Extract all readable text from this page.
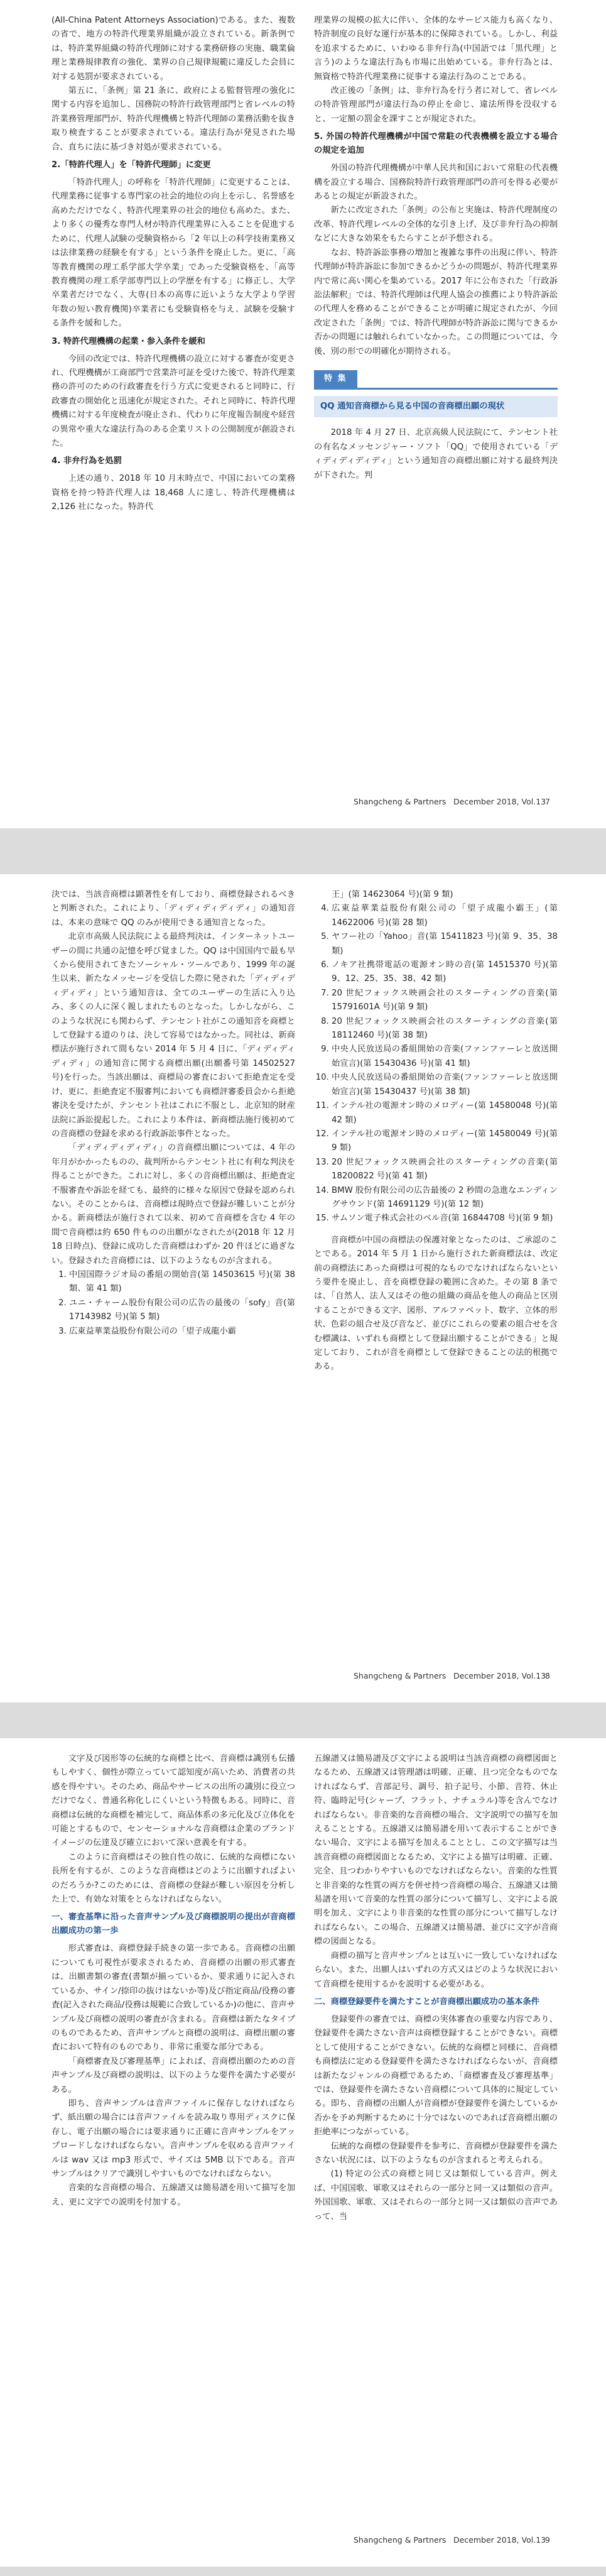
(All-China Patent Attorneys Association)である。また、複数の省で、地方の特許代理業界組織が設立されている。新条例では、特許業界組織の特許代理師に対する業務研修の実施、職業倫理と業務規律教育の強化、業界の自己規律規範に違反した会員に対する処罰が要求されている。

第五に、「条例」第 21 条に、政府による監督管理の強化に関する内容を追加し、国務院の特許行政管理部門と省レベルの特許業務管理部門が、特許代理機構と特許代理師の業務活動を抜き取り検査することが要求されている。違法行為が発見された場合、直ちに法に基づき対処が要求されている。

2.「特許代理人」を「特許代理師」に変更

「特許代理人」の呼称を「特許代理師」に変更することは、代理業務に従事する専門家の社会的地位の向上を示し、名誉感を高めただけでなく、特許代理業界の社会的地位も高めた。また、より多くの優秀な専門人材が特許代理業界に入ることを促進するために、代理人試験の受験資格から「2 年以上の科学技術業務又は法律業務の経験を有する」という条件を廃止した。更に、「高等教育機関の理工系学部大学卒業」であった受験資格を、「高等教育機関の理工系学部専門以上の学歴を有する」に修正し、大学卒業者だけでなく、大専(日本の高専に近いような大学より学習年数の短い教育機関)卒業者にも受験資格を与え、試験を受験する条件を緩和した。

3. 特許代理機構の起業・参入条件を緩和

今回の改定では、特許代理機構の設立に対する審査が変更され、代理機構が工商部門で営業許可証を受けた後で、特許代理業務の許可のための行政審査を行う方式に変更されると同時に、行政審査の開始化と迅速化が規定された。それと同時に、特許代理機構に対する年度検査が廃止され、代わりに年度報告制度や経営の異常や重大な違法行為のある企業リストの公開制度が創設された。

4. 非弁行為を処罰

上述の通り、2018 年 10 月末時点で、中国においての業務資格を持つ特許代理人は 18,468 人に達し、特許代理機構は 2,126 社になった。特許代

理業界の規模の拡大に伴い、全体的なサービス能力も高くなり、特許制度の良好な運行が基本的に保障されている。しかし、利益を追求するために、いわゆる非弁行為(中国語では「黒代理」と言う)のような違法行為も市場に出始めている。非弁行為とは、無資格で特許代理業務に従事する違法行為のことである。

改正後の「条例」は、非弁行為を行う者に対して、省レベルの特許管理部門が違法行為の停止を命じ、違法所得を没収すると、一定額の罰金を課すことが規定された。

5. 外国の特許代理機構が中国で常駐の代表機構を設立する場合の規定を追加

外国の特許代理機構が中華人民共和国において常駐の代表機構を設立する場合、国務院特許行政管理部門の許可を得る必要があるとの規定が新設された。

新たに改定された「条例」の公布と実施は、特許代理制度の改革、特許代理レベルの全体的な引き上げ、及び非弁行為の抑制などに大きな効果をもたらすことが予想される。

なお、特許訴訟事務の増加と複雑な事件の出現に伴い、特許代理師が特許訴訟に参加できるかどうかの問題が、特許代理業界内で常に高い関心を集めている。2017 年に公布された「行政訴訟法解釈」では、特許代理師は代理人協会の推薦により特許訴訟の代理人を務めることができることが明確に規定されたが、今回改定された「条例」では、特許代理師が特許訴訟に関与できるか否かの問題には触れられていなかった。この問題については、今後、別の形での明確化が期待される。

特 集
QQ 通知音商標から見る中国の音商標出願の現状

2018 年 4 月 27 日、北京高級人民法院にて、テンセント社の有名なメッセンジャー・ソフト「QQ」で使用されている「ディディディディディ」という通知音の商標出願に対する最終判決が下された。判

Shangcheng & Partners December 2018, Vol.13
7

決では、当該音商標は顕著性を有しており、商標登録されるべきと判断された。これにより、「ディディディディディ」の通知音は、本来の意味で QQ のみが使用できる通知音となった。

北京市高級人民法院による最終判決は、インターネットユーザーの間に共通の記憶を呼び覚ました。QQ は中国国内で最も早くから使用されてきたソーシャル・ツールであり、1999 年の誕生以来、新たなメッセージを受信した際に発された「ディディディディディ」という通知音は、全てのユーザーの生活に入り込み、多くの人に深く親しまれたものとなった。しかしながら、このような状況にも関わらず、テンセント社がこの通知音を商標として登録する道のりは、決して容易ではなかった。同社は、新商標法が施行されて間もない 2014 年 5 月 4 日に、「ディディディディディ」の通知音に関する商標出願(出願番号第 14502527 号)を行った。当該出願は、商標局の審査において拒絶査定を受け、更に、拒絶査定不服審判においても商標評審委員会から拒絶審決を受けたが、テンセント社はこれに不服とし、北京知的財産法院に訴訟提起した。これにより本件は、新商標法施行後初めての音商標の登録を求める行政訴訟事件となった。

「ディディディディディ」の音商標出願については、4 年の年月がかかったものの、裁判所からテンセント社に有利な判決を得ることができた。これに対し、多くの音商標出願は、拒絶査定不服審査や訴訟を経ても、最終的に様々な原因で登録を認められない。そのことからは、音商標は現時点で登録が難しいことが分かる。新商標法が施行されて以来、初めて音商標を含む 4 年の間で音商標は約 650 件ものの出願がなされたが(2018 年 12 月 18 日時点)、登録に成功した音商標はわずか 20 件ほどに過ぎない。登録された音商標には、以下のようなものが含まれる。

1. 中国国際ラジオ局の番組の開始音(第 14503615 号)(第 38 類、第 41 類)
2. ユニ・チャーム股份有限公司の広告の最後の「sofy」音(第 17143982 号)(第 5 類)
3. 広東益華業益股份有限公司の「望子成龍小霸
王」(第 14623064 号)(第 9 類)
4. 広東益華業益股份有限公司の「望子成龍小霸王」(第 14622006 号)(第 28 類)
5. ヤフー社の「Yahoo」音(第 15411823 号)(第 9、35、38 類)
6. ノキア社携帯電話の電源オン時の音(第 14515370 号)(第 9、12、25、35、38、42 類)
7. 20 世紀フォックス映画会社のスターティングの音楽(第 15791601A 号)(第 9 類)
8. 20 世紀フォックス映画会社のスターティングの音楽(第 18112460 号)(第 38 類)
9. 中央人民放送局の番組開始の音楽(ファンファーレと放送開始宣言)(第 15430436 号)(第 41 類)
10. 中央人民放送局の番組開始の音楽(ファンファーレと放送開始宣言)(第 15430437 号)(第 38 類)
11. インテル社の電源オン時のメロディー(第 14580048 号)(第 42 類)
12. インテル社の電源オン時のメロディー(第 14580049 号)(第 9 類)
13. 20 世紀フォックス映画会社のスターティングの音楽(第 18200822 号)(第 41 類)
14. BMW 股份有限公司の広告最後の 2 秒間の急進なエンディングサウンド(第 14691129 号)(第 12 類)
15. サムソン電子株式会社のベル音(第 16844708 号)(第 9 類)

音商標が中国の商標法の保護対象となったのは、ご承認のことである。2014 年 5 月 1 日から施行された新商標法は、改定前の商標法にあった商標は可視的なものでなければならないという要件を廃止し、音を商標登録の範囲に含めた。その第 8 条では、「自然人、法人又はその他の組織の商品を他人の商品と区別することができる文字、図形、アルファベット、数字、立体的形状、色彩の組合せ及び音など、並びにこれらの要素の組合せを含む標識は、いずれも商標として登録出願することができる」と規定しており、これが音を商標として登録できることの法的根拠である。

Shangcheng & Partners December 2018, Vol.13
8

文字及び図形等の伝統的な商標と比べ、音商標は識別も伝播もしやすく、個性が際立っていて認知度が高いため、消費者の共感を得やすい。そのため、商品やサービスの出所の識別に役立つだけでなく、普通名称化しにくいという特徴もある。同時に、音商標は伝統的な商標を補完して、商品体系の多元化及び立体化を可能とするもので、センセーショナルな音商標は企業のブランドイメージの伝達及び確立において深い意義を有する。

このように音商標はその独自性の故に、伝統的な商標にない長所を有するが、このような音商標はどのように出願すればよいのだろうか?このためには、音商標の登録が難しい原因を分析した上で、有効な対策をとらなければならない。

一、審査基準に沿った音声サンプル及び商標説明の提出が音商標出願成功の第一歩

形式審査は、商標登録手続きの第一歩である。音商標の出願についても可視性が要求されるため、音商標の出願の形式審査は、出願書類の審査(書類が揃っているか、要求通りに記入されているか、サイン/捺印の抜けはないか等)及び指定商品/役務の審査(記入された商品/役務は規範に合致しているか)の他に、音声サンプル及び商標の説明の審査が含まれる。音商標は新たなタイプのものであるため、音声サンプルと商標の説明は、商標出願の審査において特有のものであり、非常に重要な部分である。

「商標審査及び審理基準」によれば、音商標出願のための音声サンプル及び商標の説明は、以下のような要件を満たす必要がある。

即ち、音声サンプルは音声ファイルに保存しなければならず、紙出願の場合には音声ファイルを読み取り専用ディスクに保存し、電子出願の場合には要求通りに正確に音声サンプルをアップロードしなければならない。音声サンプルを収める音声ファイルは wav 又は mp3 形式で、サイズは 5MB 以下である。音声サンプルはクリアで識別しやすいものでなければならない。

音楽的な音商標の場合、五線譜又は簡易譜を用いて描写を加え、更に文字での説明を付加する。

五線譜又は簡易譜及び文字による説明は当該音商標の商標図面となるため、五線譜又は管理譜は明確、正確、且つ完全なものでなければならず、音部記号、調号、拍子記号、小節、音符、休止符、臨時記号(シャープ、フラット、ナチュラル)等を含んでなければならない。非音楽的な音商標の場合、文字説明での描写を加えることとする。五線譜又は簡易譜を用いて表示することができない場合、文字による描写を加えることとし、この文字描写は当該音商標の商標図面となるため、文字による描写は明確、正確、完全、且つわかりやすいものでなければならない。音楽的な性質と非音楽的な性質の両方を併せ持つ音商標の場合、五線譜又は簡易譜を用いて音楽的な性質の部分について描写し、文字による説明を加え、文字により非音楽的な性質の部分について描写しなければならない。この場合、五線譜又は簡易譜、並びに文字が音商標の図面となる。

商標の描写と音声サンプルとは互いに一致していなければならない。また、出願人はいずれの方式又はどのような状況において音商標を使用するかを説明する必要がある。

二、商標登録要件を満たすことが音商標出願成功の基本条件

登録要件の審査では、商標の実体審査の重要な内容であり、登録要件を満たさない音声は商標登録することができない。商標として使用することができない。伝統的な商標と同様に、音商標も商標法に定める登録要件を満たさなければならないが、音商標は新たなジャンルの商標であるため、「商標審査及び審理基準」では、登録要件を満たさない音商標について具体的に規定している。即ち、音商標の出願人が音商標が登録要件を満たしているか否かを予め判断するために十分ではないのであれば音商標出願の拒絶率につながっている。

伝統的な商標の登録要件を参考に、音商標が登録要件を満たさない状況には、以下のようなものが含まれると考えられる。

(1) 特定の公式の商標と同じ又は類似している音声。例えば、中国国歌、軍歌又はそれらの一部分と同一又は類似の音声。外国国歌、軍歌、又はそれらの一部分と同一又は類似の音声であって、当

Shangcheng & Partners December 2018, Vol.13
9
